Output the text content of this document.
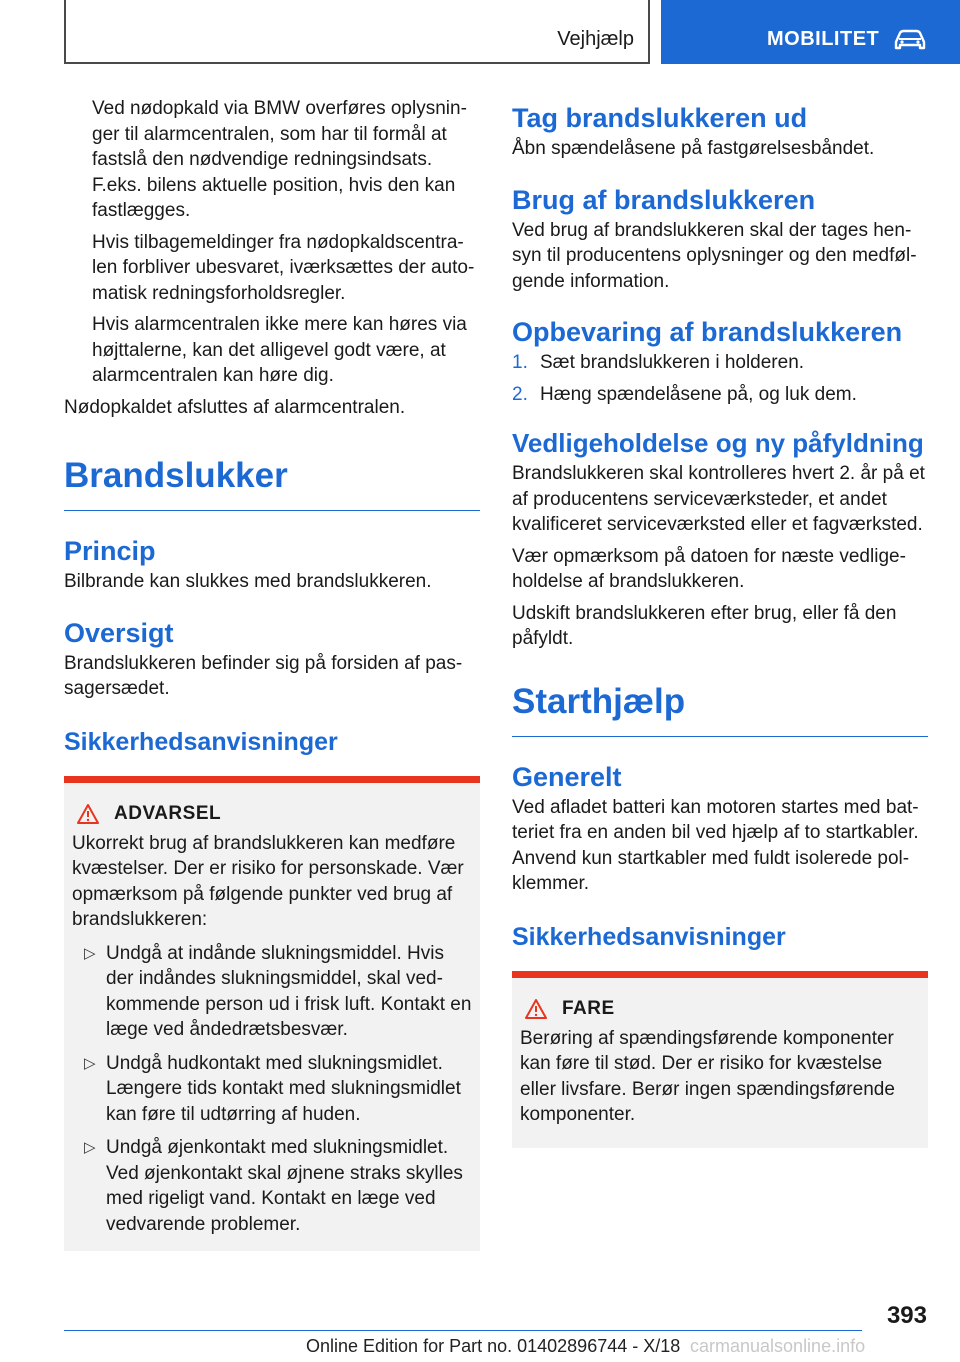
Vejhjælp	MOBILITET

Ved nødopkald via BMW overføres oplysninger til alarmcentralen, som har til formål at fastslå den nødvendige redningsindsats. F.eks. bilens aktuelle position, hvis den kan fastlægges.

Hvis tilbagemeldinger fra nødopkaldscentralen forbliver ubesvaret, iværksættes der automatisk redningsforholdsregler.

Hvis alarmcentralen ikke mere kan høres via højttalerne, kan det alligevel godt være, at alarmcentralen kan høre dig.

Nødopkaldet afsluttes af alarmcentralen.

Brandslukker
Princip

Bilbrande kan slukkes med brandslukkeren.

Oversigt

Brandslukkeren befinder sig på forsiden af passagersædet.

Sikkerhedsanvisninger
ADVARSEL

Ukorrekt brug af brandslukkeren kan medføre kvæstelser. Der er risiko for personskade. Vær opmærksom på følgende punkter ved brug af brandslukkeren:

▷ Undgå at indånde slukningsmiddel. Hvis der indåndes slukningsmiddel, skal vedkommende person ud i frisk luft. Kontakt en læge ved åndedrætsbesvær.
▷ Undgå hudkontakt med slukningsmidlet. Længere tids kontakt med slukningsmidlet kan føre til udtørring af huden.
▷ Undgå øjenkontakt med slukningsmidlet. Ved øjenkontakt skal øjnene straks skylles med rigeligt vand. Kontakt en læge ved vedvarende problemer.
Tag brandslukkeren ud

Åbn spændelåsene på fastgørelsesbåndet.

Brug af brandslukkeren

Ved brug af brandslukkeren skal der tages hensyn til producentens oplysninger og den medfølgende information.

Opbevaring af brandslukkeren
1. Sæt brandslukkeren i holderen.
2. Hæng spændelåsene på, og luk dem.
Vedligeholdelse og ny påfyldning

Brandslukkeren skal kontrolleres hvert 2. år på et af producentens serviceværksteder, et andet kvalificeret serviceværksted eller et fagværksted.

Vær opmærksom på datoen for næste vedligeholdelse af brandslukkeren.

Udskift brandslukkeren efter brug, eller få den påfyldt.

Starthjælp
Generelt

Ved afladet batteri kan motoren startes med batteriet fra en anden bil ved hjælp af to startkabler. Anvend kun startkabler med fuldt isolerede polklemmer.

Sikkerhedsanvisninger
FARE

Berøring af spændingsførende komponenter kan føre til stød. Der er risiko for kvæstelse eller livsfare. Berør ingen spændingsførende komponenter.

393
Online Edition for Part no. 01402896744 - X/18 carmanualsonline.info
